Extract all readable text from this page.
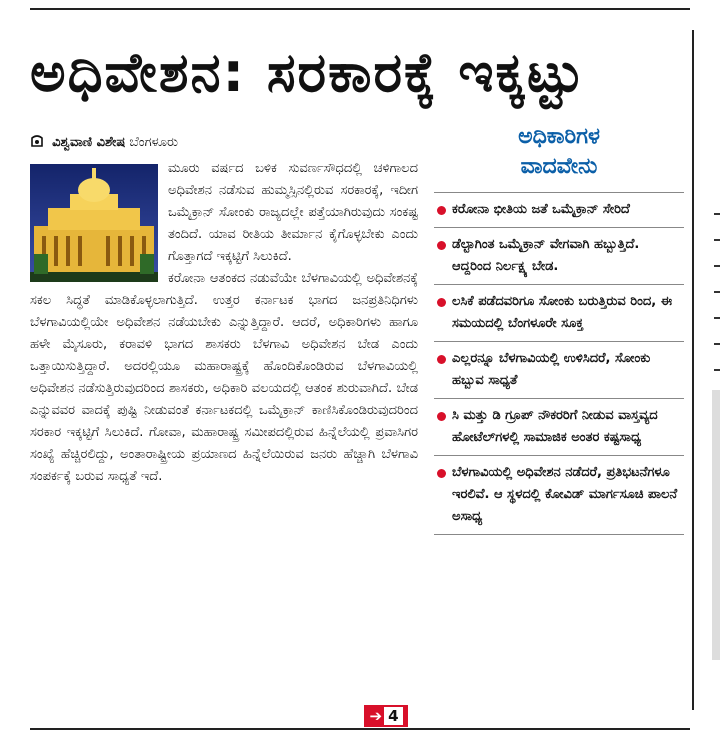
ಅಧಿವೇಶನ: ಸರಕಾರಕ್ಕೆ ಇಕ್ಕಟ್ಟು
ವಿಶ್ವವಾಣಿ ವಿಶೇಷ ಬೆಂಗಳೂರು

ಮೂರು ವರ್ಷದ ಬಳಿಕ ಸುವರ್ಣಸೌಧದಲ್ಲಿ ಚಳಿಗಾಲದ ಅಧಿವೇಶನ ನಡೆಸುವ ಹುಮ್ಮಸ್ಸಿನಲ್ಲಿರುವ ಸರಕಾರಕ್ಕೆ, ಇದೀಗ ಒಮೈಕ್ರಾನ್ ಸೋಂಕು ರಾಜ್ಯದಲ್ಲೇ ಪತ್ತೆಯಾಗಿರುವುದು ಸಂಕಷ್ಟ ತಂದಿದೆ. ಯಾವ ರೀತಿಯ ತೀರ್ಮಾನ ಕೈಗೊಳ್ಳಬೇಕು ಎಂದು ಗೊತ್ತಾಗದೆ ಇಕ್ಕಟ್ಟಿಗೆ ಸಿಲುಕಿದೆ.

ಕರೋನಾ ಆತಂಕದ ನಡುವೆಯೇ ಬೆಳಗಾವಿಯಲ್ಲಿ ಅಧಿವೇಶನಕ್ಕೆ ಸಕಲ ಸಿದ್ಧತೆ ಮಾಡಿಕೊಳ್ಳಲಾಗುತ್ತಿದೆ. ಉತ್ತರ ಕರ್ನಾಟಕ ಭಾಗದ ಜನಪ್ರತಿನಿಧಿಗಳು ಬೆಳಗಾವಿಯಲ್ಲಿಯೇ ಅಧಿವೇಶನ ನಡೆಯಬೇಕು ಎನ್ನುತ್ತಿದ್ದಾರೆ. ಆದರೆ, ಅಧಿಕಾರಿಗಳು ಹಾಗೂ ಹಳೇ ಮೈಸೂರು, ಕರಾವಳಿ ಭಾಗದ ಶಾಸಕರು ಬೆಳಗಾವಿ ಅಧಿವೇಶನ ಬೇಡ ಎಂದು ಒತ್ತಾಯಿಸುತ್ತಿದ್ದಾರೆ. ಅದರಲ್ಲಿಯೂ ಮಹಾರಾಷ್ಟ್ರಕ್ಕೆ ಹೊಂದಿಕೊಂಡಿರುವ ಬೆಳಗಾವಿಯಲ್ಲಿ ಅಧಿವೇಶನ ನಡೆಸುತ್ತಿರುವುದರಿಂದ ಶಾಸಕರು, ಅಧಿಕಾರಿ ವಲಯದಲ್ಲಿ ಆತಂಕ ಶುರುವಾಗಿದೆ. ಬೇಡ ಎನ್ನುವವರ ವಾದಕ್ಕೆ ಪುಷ್ಟಿ ನೀಡುವಂತೆ ಕರ್ನಾಟಕದಲ್ಲಿ ಒಮೈಕ್ರಾನ್ ಕಾಣಿಸಿಕೊಂಡಿರುವುದರಿಂದ ಸರಕಾರ ಇಕ್ಕಟ್ಟಿಗೆ ಸಿಲುಕಿದೆ. ಗೋವಾ, ಮಹಾರಾಷ್ಟ್ರ ಸಮೀಪದಲ್ಲಿರುವ ಹಿನ್ನೆಲೆಯಲ್ಲಿ ಪ್ರವಾಸಿಗರ ಸಂಖ್ಯೆ ಹೆಚ್ಚಿರಲಿದ್ದು, ಅಂತಾರಾಷ್ಟ್ರೀಯ ಪ್ರಯಾಣದ ಹಿನ್ನೆಲೆಯಿರುವ ಜನರು ಹೆಚ್ಚಾಗಿ ಬೆಳಗಾವಿ ಸಂಪರ್ಕಕ್ಕೆ ಬರುವ ಸಾಧ್ಯತೆ ಇದೆ.

➔ 4
ಅಧಿಕಾರಿಗಳ
ವಾದವೇನು
ಕರೋನಾ ಭೀತಿಯ ಜತೆ ಒಮೈಕ್ರಾನ್ ಸೇರಿದೆ
ಡೆಲ್ಟಾಗಿಂತ ಒಮೈಕ್ರಾನ್ ವೇಗವಾಗಿ ಹಬ್ಬುತ್ತಿದೆ. ಆದ್ದರಿಂದ ನಿರ್ಲಕ್ಷ್ಯ ಬೇಡ.
ಲಸಿಕೆ ಪಡೆದವರಿಗೂ ಸೋಂಕು ಬರುತ್ತಿರುವ ರಿಂದ, ಈ ಸಮಯದಲ್ಲಿ ಬೆಂಗಳೂರೇ ಸೂಕ್ತ
ಎಲ್ಲರನ್ನೂ ಬೆಳಗಾವಿಯಲ್ಲಿ ಉಳಿಸಿದರೆ, ಸೋಂಕು ಹಬ್ಬುವ ಸಾಧ್ಯತೆ
ಸಿ ಮತ್ತು ಡಿ ಗ್ರೂಪ್ ನೌಕರರಿಗೆ ನೀಡುವ ವಾಸ್ತವ್ಯದ ಹೋಟೆಲ್‌ಗಳಲ್ಲಿ ಸಾಮಾಜಿಕ ಅಂತರ ಕಷ್ಟಸಾಧ್ಯ
ಬೆಳಗಾವಿಯಲ್ಲಿ ಅಧಿವೇಶನ ನಡೆದರೆ, ಪ್ರತಿಭಟನೆಗಳೂ ಇರಲಿವೆ. ಆ ಸ್ಥಳದಲ್ಲಿ ಕೋವಿಡ್ ಮಾರ್ಗಸೂಚಿ ಪಾಲನೆ ಅಸಾಧ್ಯ
